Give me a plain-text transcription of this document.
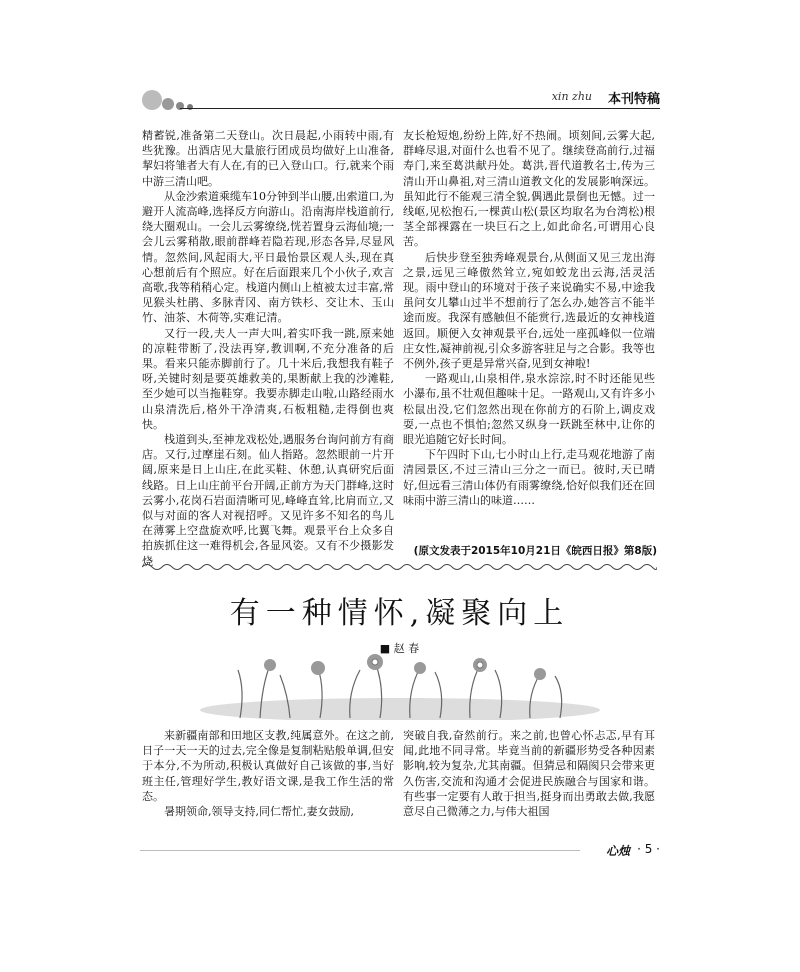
xin zhu 本刊特稿

精蓄锐,准备第二天登山。次日晨起,小雨转中雨,有些犹豫。出酒店见大量旅行团成员均做好上山准备,挈妇将雏者大有人在,有的已入登山口。行,就来个雨中游三清山吧。

从金沙索道乘缆车10分钟到半山腰,出索道口,为避开人流高峰,选择反方向游山。沿南海岸栈道前行,绕大圈观山。一会儿云雾缭绕,恍若置身云海仙境;一会儿云雾稍散,眼前群峰若隐若现,形态各异,尽显风情。忽然间,风起雨大,平日最怡景区观人头,现在真心想前后有个照应。好在后面跟来几个小伙子,欢言高歌,我等稍稍心定。栈道内侧山上植被太过丰富,常见猴头杜鹃、多脉青冈、南方铁杉、交让木、玉山竹、油茶、木荷等,实难记清。

又行一段,夫人一声大叫,着实吓我一跳,原来她的凉鞋带断了,没法再穿,教训啊,不充分准备的后果。看来只能赤脚前行了。几十米后,我想我有鞋子呀,关键时刻是要英雄救美的,果断献上我的沙滩鞋,至少她可以当拖鞋穿。我要赤脚走山啦,山路经雨水山泉清洗后,格外干净清爽,石板粗糙,走得倒也爽快。

栈道到头,至神龙戏松处,遇服务台询问前方有商店。又行,过摩崖石刻。仙人指路。忽然眼前一片开阔,原来是日上山庄,在此买鞋、休憩,认真研究后面线路。日上山庄前平台开阔,正前方为天门群峰,这时云雾小,花岗石岩面清晰可见,峰峰直耸,比肩而立,又似与对面的客人对视招呼。又见许多不知名的鸟儿在薄雾上空盘旋欢呼,比翼飞舞。观景平台上众多自拍族抓住这一难得机会,各显风姿。又有不少摄影发烧

友长枪短炮,纷纷上阵,好不热闹。顷刻间,云雾大起,群峰尽退,对面什么也看不见了。继续登高前行,过福寿门,来至葛洪献丹处。葛洪,晋代道教名士,传为三清山开山鼻祖,对三清山道教文化的发展影响深远。虽知此行不能观三清全貌,偶遇此景倒也无憾。过一线岖,见松抱石,一棵黄山松(景区均取名为台湾松)根茎全部裸露在一块巨石之上,如此命名,可谓用心良苦。

后快步登至独秀峰观景台,从侧面又见三龙出海之景,远见三峰傲然耸立,宛如蛟龙出云海,活灵活现。雨中登山的环境对于孩子来说确实不易,中途我虽问女儿攀山过半不想前行了怎么办,她答言不能半途而废。我深有感触但不能赏行,选最近的女神栈道返回。顺便入女神观景平台,远处一座孤峰似一位端庄女性,凝神前视,引众多游客驻足与之合影。我等也不例外,孩子更是异常兴奋,见到女神啦!

一路观山,山泉相伴,泉水淙淙,时不时还能见些小瀑布,虽不壮观但趣味十足。一路观山,又有许多小松鼠出没,它们忽然出现在你前方的石阶上,调皮戏耍,一点也不惧怕;忽然又纵身一跃跳至林中,让你的眼光追随它好长时间。

下午四时下山,七小时山上行,走马观花地游了南清园景区,不过三清山三分之一而已。彼时,天已晴好,但远看三清山体仍有雨雾缭绕,恰好似我们还在回味雨中游三清山的味道……

(原文发表于2015年10月21日《皖西日报》第8版)
有一种情怀,凝聚向上
■ 赵 春

来新疆南部和田地区支教,纯属意外。在这之前,日子一天一天的过去,完全像是复制粘贴般单调,但安于本分,不为所动,积极认真做好自己该做的事,当好班主任,管理好学生,教好语文课,是我工作生活的常态。

暑期领命,领导支持,同仁帮忙,妻女鼓励,

突破自我,奋然前行。来之前,也曾心怀忐忑,早有耳闻,此地不同寻常。毕竟当前的新疆形势受各种因素影响,较为复杂,尤其南疆。但猜忌和隔阂只会带来更久伤害,交流和沟通才会促进民族融合与国家和谐。有些事一定要有人敢于担当,挺身而出勇敢去做,我愿意尽自己微薄之力,与伟大祖国

心烛 · 5 ·
